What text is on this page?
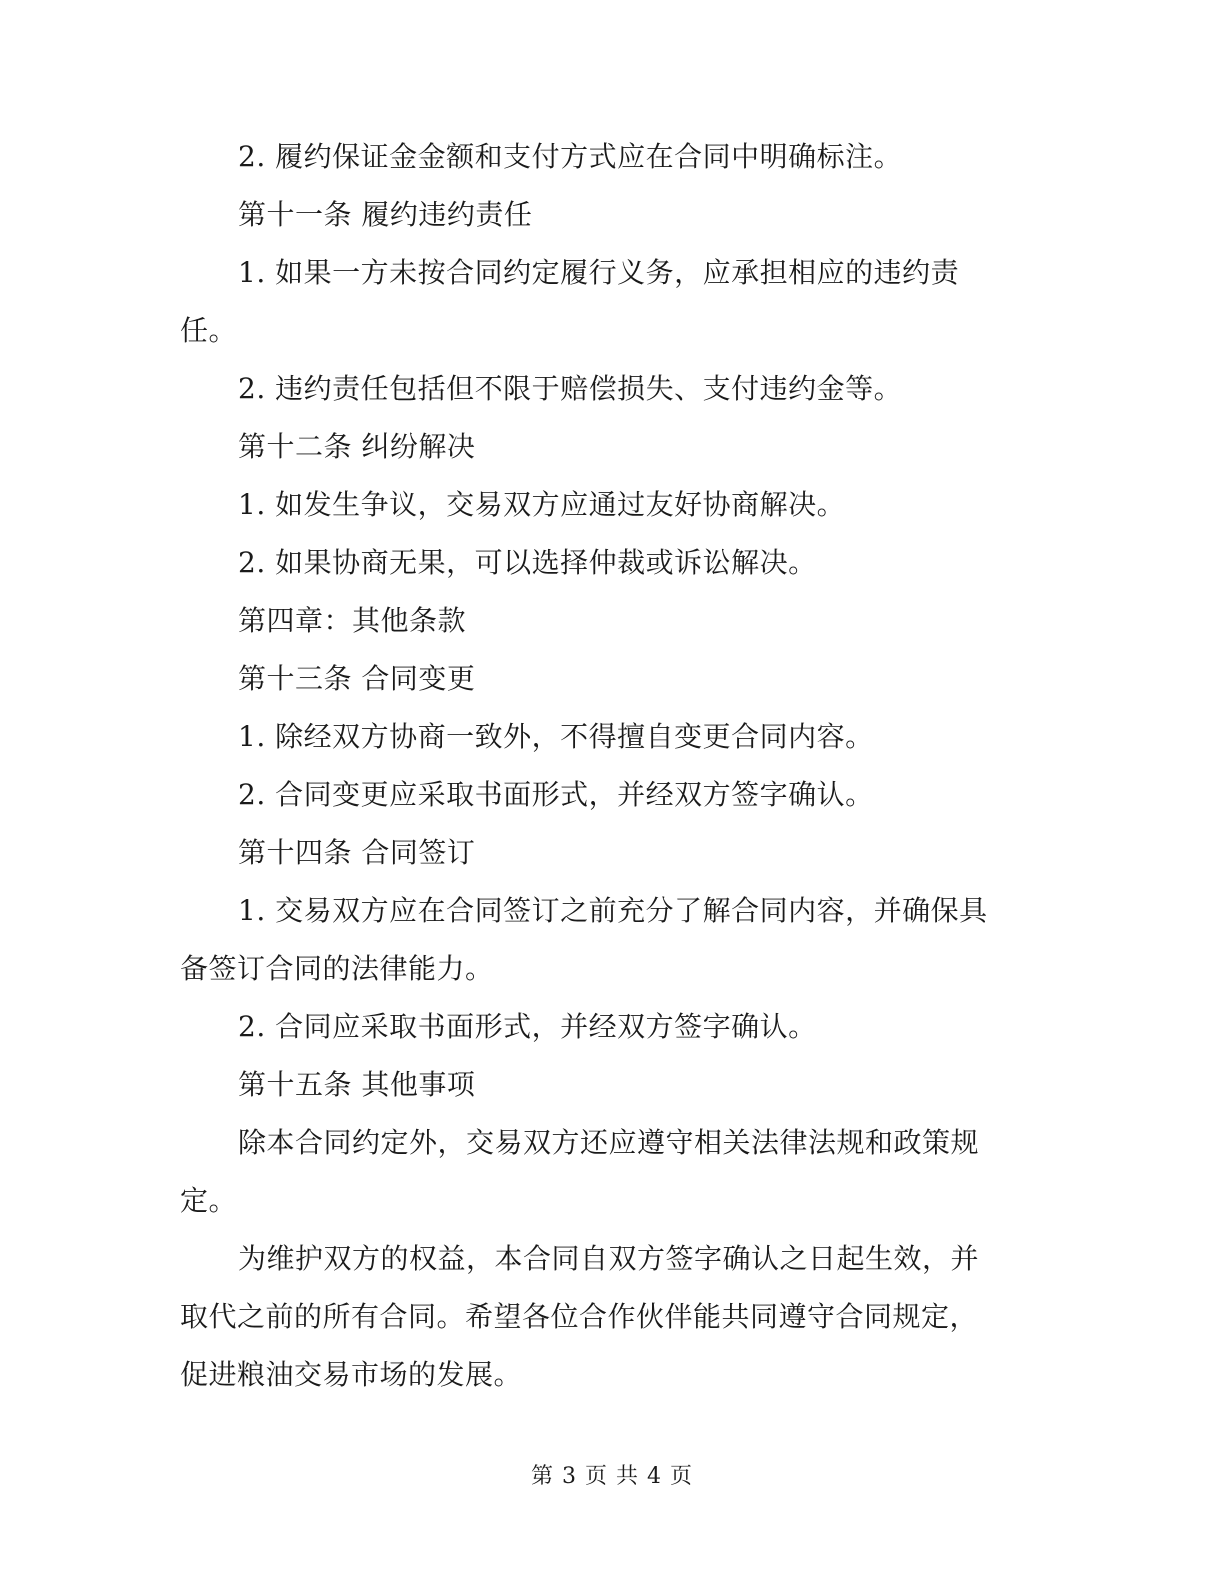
2. 履约保证金金额和支付方式应在合同中明确标注。
第十一条 履约违约责任
1. 如果一方未按合同约定履行义务，应承担相应的违约责
任。
2. 违约责任包括但不限于赔偿损失、支付违约金等。
第十二条 纠纷解决
1. 如发生争议，交易双方应通过友好协商解决。
2. 如果协商无果，可以选择仲裁或诉讼解决。
第四章：其他条款
第十三条 合同变更
1. 除经双方协商一致外，不得擅自变更合同内容。
2. 合同变更应采取书面形式，并经双方签字确认。
第十四条 合同签订
1. 交易双方应在合同签订之前充分了解合同内容，并确保具
备签订合同的法律能力。
2. 合同应采取书面形式，并经双方签字确认。
第十五条 其他事项
除本合同约定外，交易双方还应遵守相关法律法规和政策规
定。
为维护双方的权益，本合同自双方签字确认之日起生效，并
取代之前的所有合同。希望各位合作伙伴能共同遵守合同规定，
促进粮油交易市场的发展。
第 3 页 共 4 页
